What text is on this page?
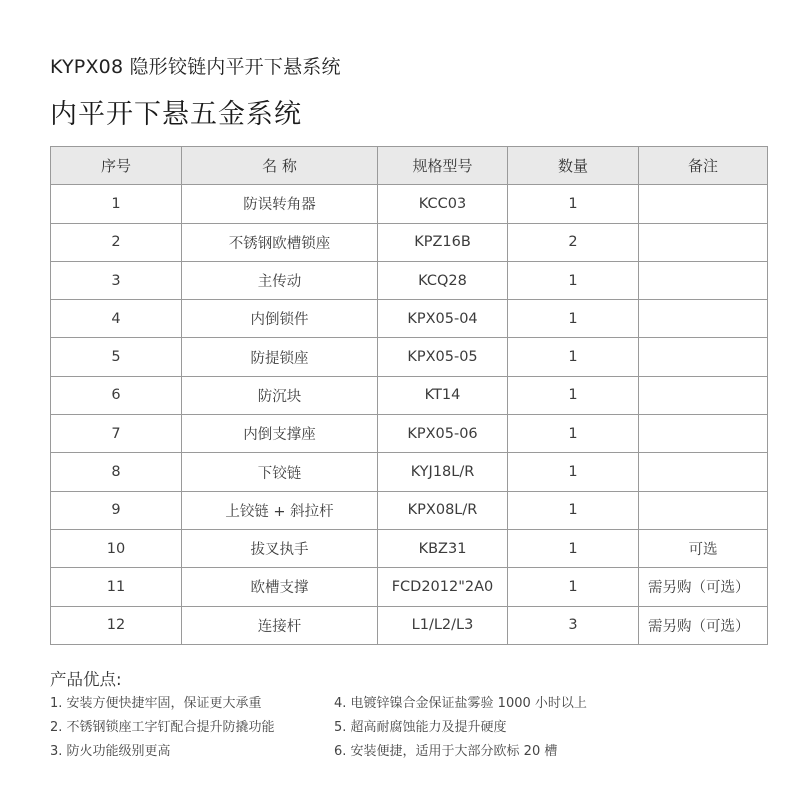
KYPX08 隐形铰链内平开下悬系统
内平开下悬五金系统
序号	名 称	规格型号	数量	备注
1	防误转角器	KCC03	1	
2	不锈钢欧槽锁座	KPZ16B	2	
3	主传动	KCQ28	1	
4	内倒锁件	KPX05-04	1	
5	防提锁座	KPX05-05	1	
6	防沉块	KT14	1	
7	内倒支撑座	KPX05-06	1	
8	下铰链	KYJ18L/R	1	
9	上铰链 + 斜拉杆	KPX08L/R	1	
10	拔叉执手	KBZ31	1	可选
11	欧槽支撑	FCD2012"2A0	1	需另购（可选）
12	连接杆	L1/L2/L3	3	需另购（可选）
产品优点:
1. 安装方便快捷牢固，保证更大承重
2. 不锈钢锁座工字钉配合提升防撬功能
3. 防火功能级别更高
4. 电镀锌镍合金保证盐雾验 1000 小时以上
5. 超高耐腐蚀能力及提升硬度
6. 安装便捷，适用于大部分欧标 20 槽
